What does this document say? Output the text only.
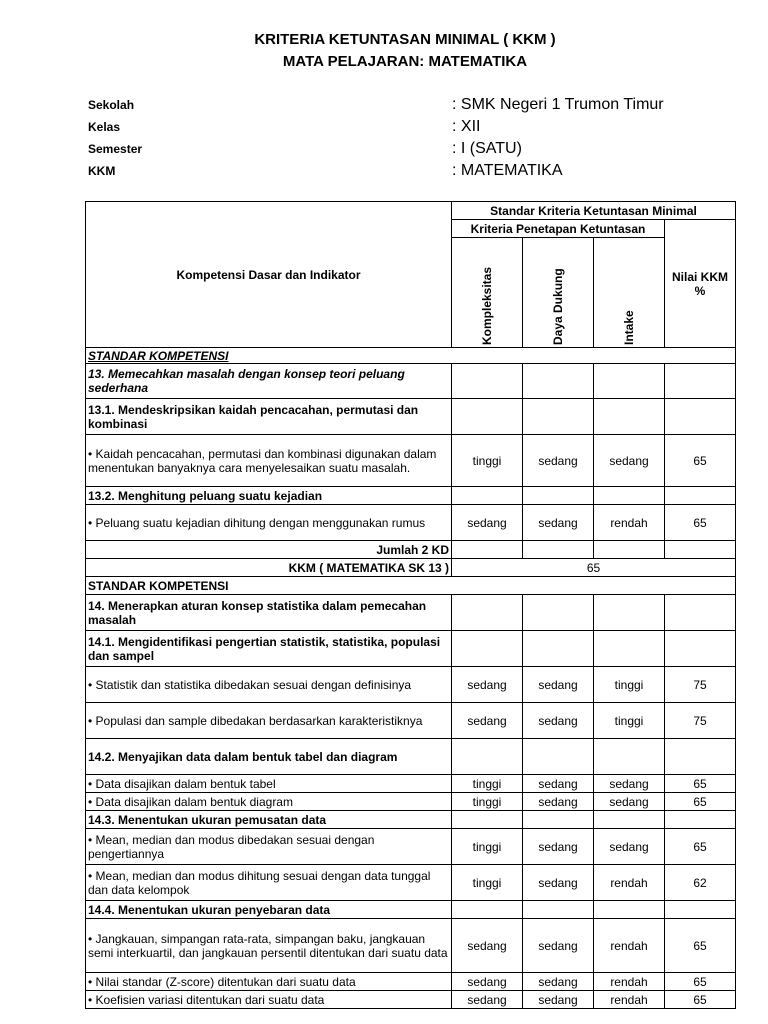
KRITERIA KETUNTASAN MINIMAL ( KKM )
MATA PELAJARAN: MATEMATIKA
Sekolah	: SMK Negeri 1 Trumon Timur
Kelas	: XII
Semester	: I (SATU)
KKM	: MATEMATIKA
Kompetensi Dasar dan Indikator	Standar Kriteria Ketuntasan Minimal			
	Kriteria Penetapan Ketuntasan			Nilai KKM %

	Kompleksitas	Daya Dukung	Intake	

STANDAR KOMPETENSI				
13. Memecahkan masalah dengan konsep teori peluang sederhana				
13.1. Mendeskripsikan kaidah pencacahan, permutasi dan kombinasi				
• Kaidah pencacahan, permutasi dan kombinasi digunakan dalam menentukan banyaknya cara menyelesaikan suatu masalah.	tinggi	sedang	sedang	65
13.2. Menghitung peluang suatu kejadian				
• Peluang suatu kejadian dihitung dengan menggunakan rumus	sedang	sedang	rendah	65
Jumlah 2 KD				
KKM ( MATEMATIKA SK 13 )	65			
STANDAR KOMPETENSI				
14. Menerapkan aturan konsep statistika dalam pemecahan masalah				
14.1. Mengidentifikasi pengertian statistik, statistika, populasi dan sampel				
• Statistik dan statistika dibedakan sesuai dengan definisinya	sedang	sedang	tinggi	75
• Populasi dan sample dibedakan berdasarkan karakteristiknya	sedang	sedang	tinggi	75
14.2. Menyajikan data dalam bentuk tabel dan diagram				
• Data disajikan dalam bentuk tabel	tinggi	sedang	sedang	65
• Data disajikan dalam bentuk diagram	tinggi	sedang	sedang	65
14.3. Menentukan ukuran pemusatan data				
• Mean, median dan modus dibedakan sesuai dengan pengertiannya	tinggi	sedang	sedang	65
• Mean, median dan modus dihitung sesuai dengan data tunggal dan data kelompok	tinggi	sedang	rendah	62
14.4. Menentukan ukuran penyebaran data				
• Jangkauan, simpangan rata-rata, simpangan baku, jangkauan semi interkuartil, dan jangkauan persentil ditentukan dari suatu data	sedang	sedang	rendah	65
• Nilai standar (Z-score) ditentukan dari suatu data	sedang	sedang	rendah	65
• Koefisien variasi ditentukan dari suatu data	sedang	sedang	rendah	65
